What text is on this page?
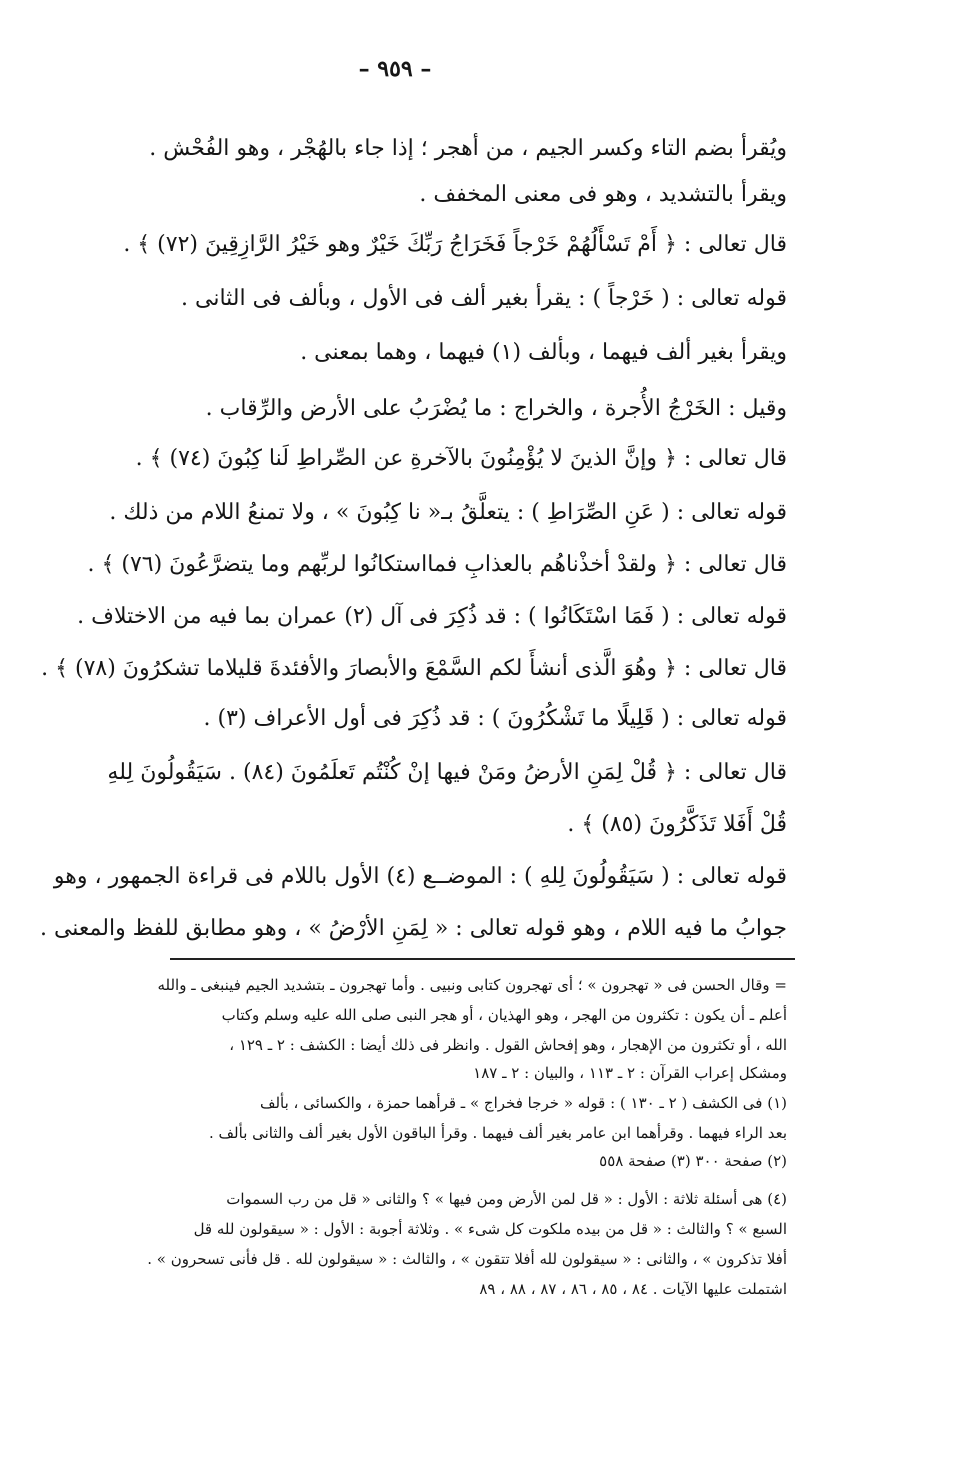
– ٩٥٩ –
ويُقرأ بضم التاء وكسر الجيم ، من أهجر ؛ إذا جاء بالهُجْر ، وهو الفُحْش .
ويقرأ بالتشديد ، وهو فى معنى المخفف .
قال تعالى : ﴿ أَمْ تَسْأَلُهُمْ خَرْجاً فَخَرَاجُ رَبِّكَ خَيْرٌ وهو خَيْرُ الرَّازِقِينَ (٧٢) ﴾ .
قوله تعالى : ( خَرْجاً ) : يقرأ بغير ألف فى الأول ، وبألف فى الثانى .
ويقرأ بغير ألف فيهما ، وبألف (١) فيهما ، وهما بمعنى .
وقيل : الخَرْجُ الأُجرة ، والخراج : ما يُضْرَبُ على الأرض والرِّقاب .
قال تعالى : ﴿ وإنَّ الذينَ لا يُؤْمِنُونَ بالآخرةِ عن الصِّراطِ لَنا كِبُونَ (٧٤) ﴾ .
قوله تعالى : ( عَنِ الصِّرَاطِ ) : يتعلَّقُ بـ« نا كِبُونَ » ، ولا تمنعُ اللام من ذلك .
قال تعالى : ﴿ ولقدْ أخذْناهُم بالعذابِ فمااستكانُوا لربِّهم وما يتضرَّعُونَ (٧٦) ﴾ .
قوله تعالى : ( فَمَا اسْتَكَانُوا ) : قد ذُكِرَ فى آل (٢) عمران بما فيه من الاختلاف .
قال تعالى : ﴿ وهُوَ الَّذى أنشأَ لكم السَّمْعَ والأبصارَ والأفئدةَ قليلاما تشكرُونَ (٧٨) ﴾ .
قوله تعالى : ( قَلِيلًا ما تَشْكُرُونَ ) : قد ذُكِرَ فى أول الأعراف (٣) .
قال تعالى : ﴿ قُلْ لِمَنِ الأرضُ ومَنْ فيها إنْ كُنْتُم تَعلَمُونَ (٨٤) . سَيَقُولُونَ لِلهِ
قُلْ أَفَلا تَذَكَّرُونَ (٨٥) ﴾ .
قوله تعالى : ( سَيَقُولُونَ لِلهِ ) : الموضــع (٤) الأول باللام فى قراءة الجمهور ، وهو
جوابُ ما فيه اللام ، وهو قوله تعالى : « لِمَنِ الأرْضُ » ، وهو مطابق للفظ والمعنى .
= وقال الحسن فى « تهجرون » ؛ أى تهجرون كتابى ونبيى . وأما تهجرون ـ بتشديد الجيم فينبغى ـ والله
أعلم ـ أن يكون : تكثرون من الهجر ، وهو الهذيان ، أو هجر النبى صلى الله عليه وسلم وكتاب
الله ، أو تكثرون من الإهجار ، وهو إفحاش القول . وانظر فى ذلك أيضا : الكشف : ٢ ـ ١٢٩ ،
ومشكل إعراب القرآن : ٢ ـ ١١٣ ، والبيان : ٢ ـ ١٨٧
(١) فى الكشف ( ٢ ـ ١٣٠ ) : قوله « خرجا فخراج » ـ قرأهما حمزة ، والكسائى ، بألف
بعد الراء فيهما . وقرأهما ابن عامر بغير ألف فيهما . وقرأ الباقون الأول بغير ألف والثانى بألف .
(٢) صفحة ٣٠٠ (٣) صفحة ٥٥٨
(٤) هى أسئلة ثلاثة : الأول : « قل لمن الأرض ومن فيها » ؟ والثانى « قل من رب السموات
السبع » ؟ والثالث : « قل من بيده ملكوت كل شىء » . وثلاثة أجوبة : الأول : « سيقولون لله قل
أفلا تذكرون » ، والثانى : « سيقولون لله أفلا تتقون » ، والثالث : « سيقولون لله . قل فأنى تسحرون » .
اشتملت عليها الآيات . ٨٤ ، ٨٥ ، ٨٦ ، ٨٧ ، ٨٨ ، ٨٩
